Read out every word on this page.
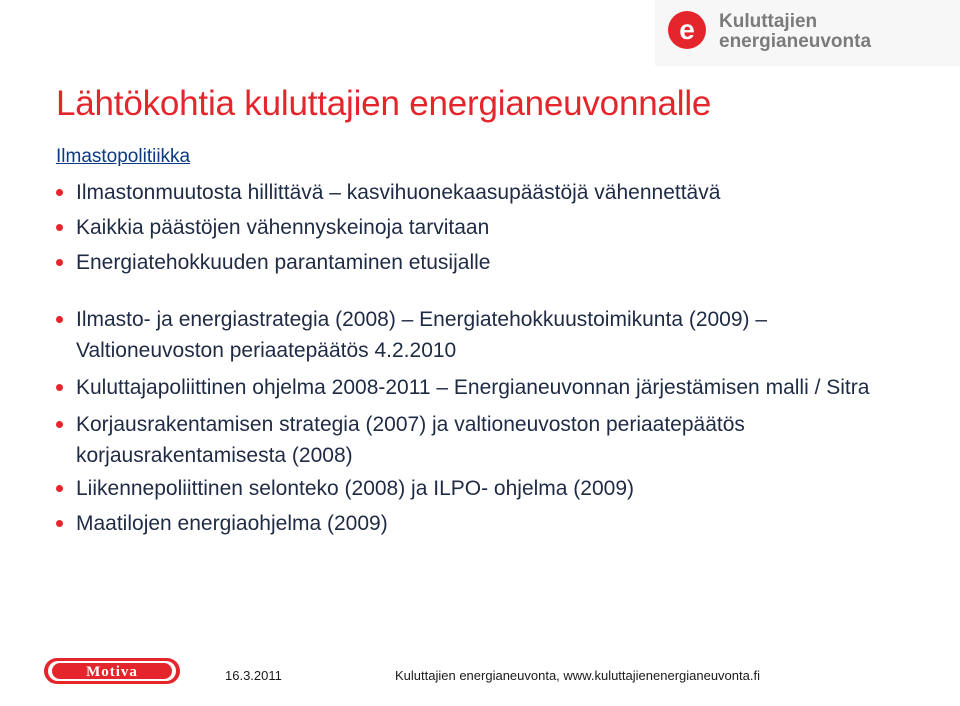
e Kuluttajien
energianeuvonta
Lähtökohtia kuluttajien energianeuvonnalle
Ilmastopolitiikka
Ilmastonmuutosta hillittävä – kasvihuonekaasupäästöjä vähennettävä
Kaikkia päästöjen vähennyskeinoja tarvitaan
Energiatehokkuuden parantaminen etusijalle
Ilmasto- ja energiastrategia (2008) – Energiatehokkuustoimikunta (2009) – Valtioneuvoston periaatepäätös 4.2.2010
Kuluttajapoliittinen ohjelma 2008-2011 – Energianeuvonnan järjestämisen malli / Sitra
Korjausrakentamisen strategia (2007) ja valtioneuvoston periaatepäätös korjausrakentamisesta (2008)
Liikennepoliittinen selonteko (2008) ja ILPO- ohjelma (2009)
Maatilojen energiaohjelma (2009)
Motiva	16.3.2011	Kuluttajien energianeuvonta, www.kuluttajienenergianeuvonta.fi
